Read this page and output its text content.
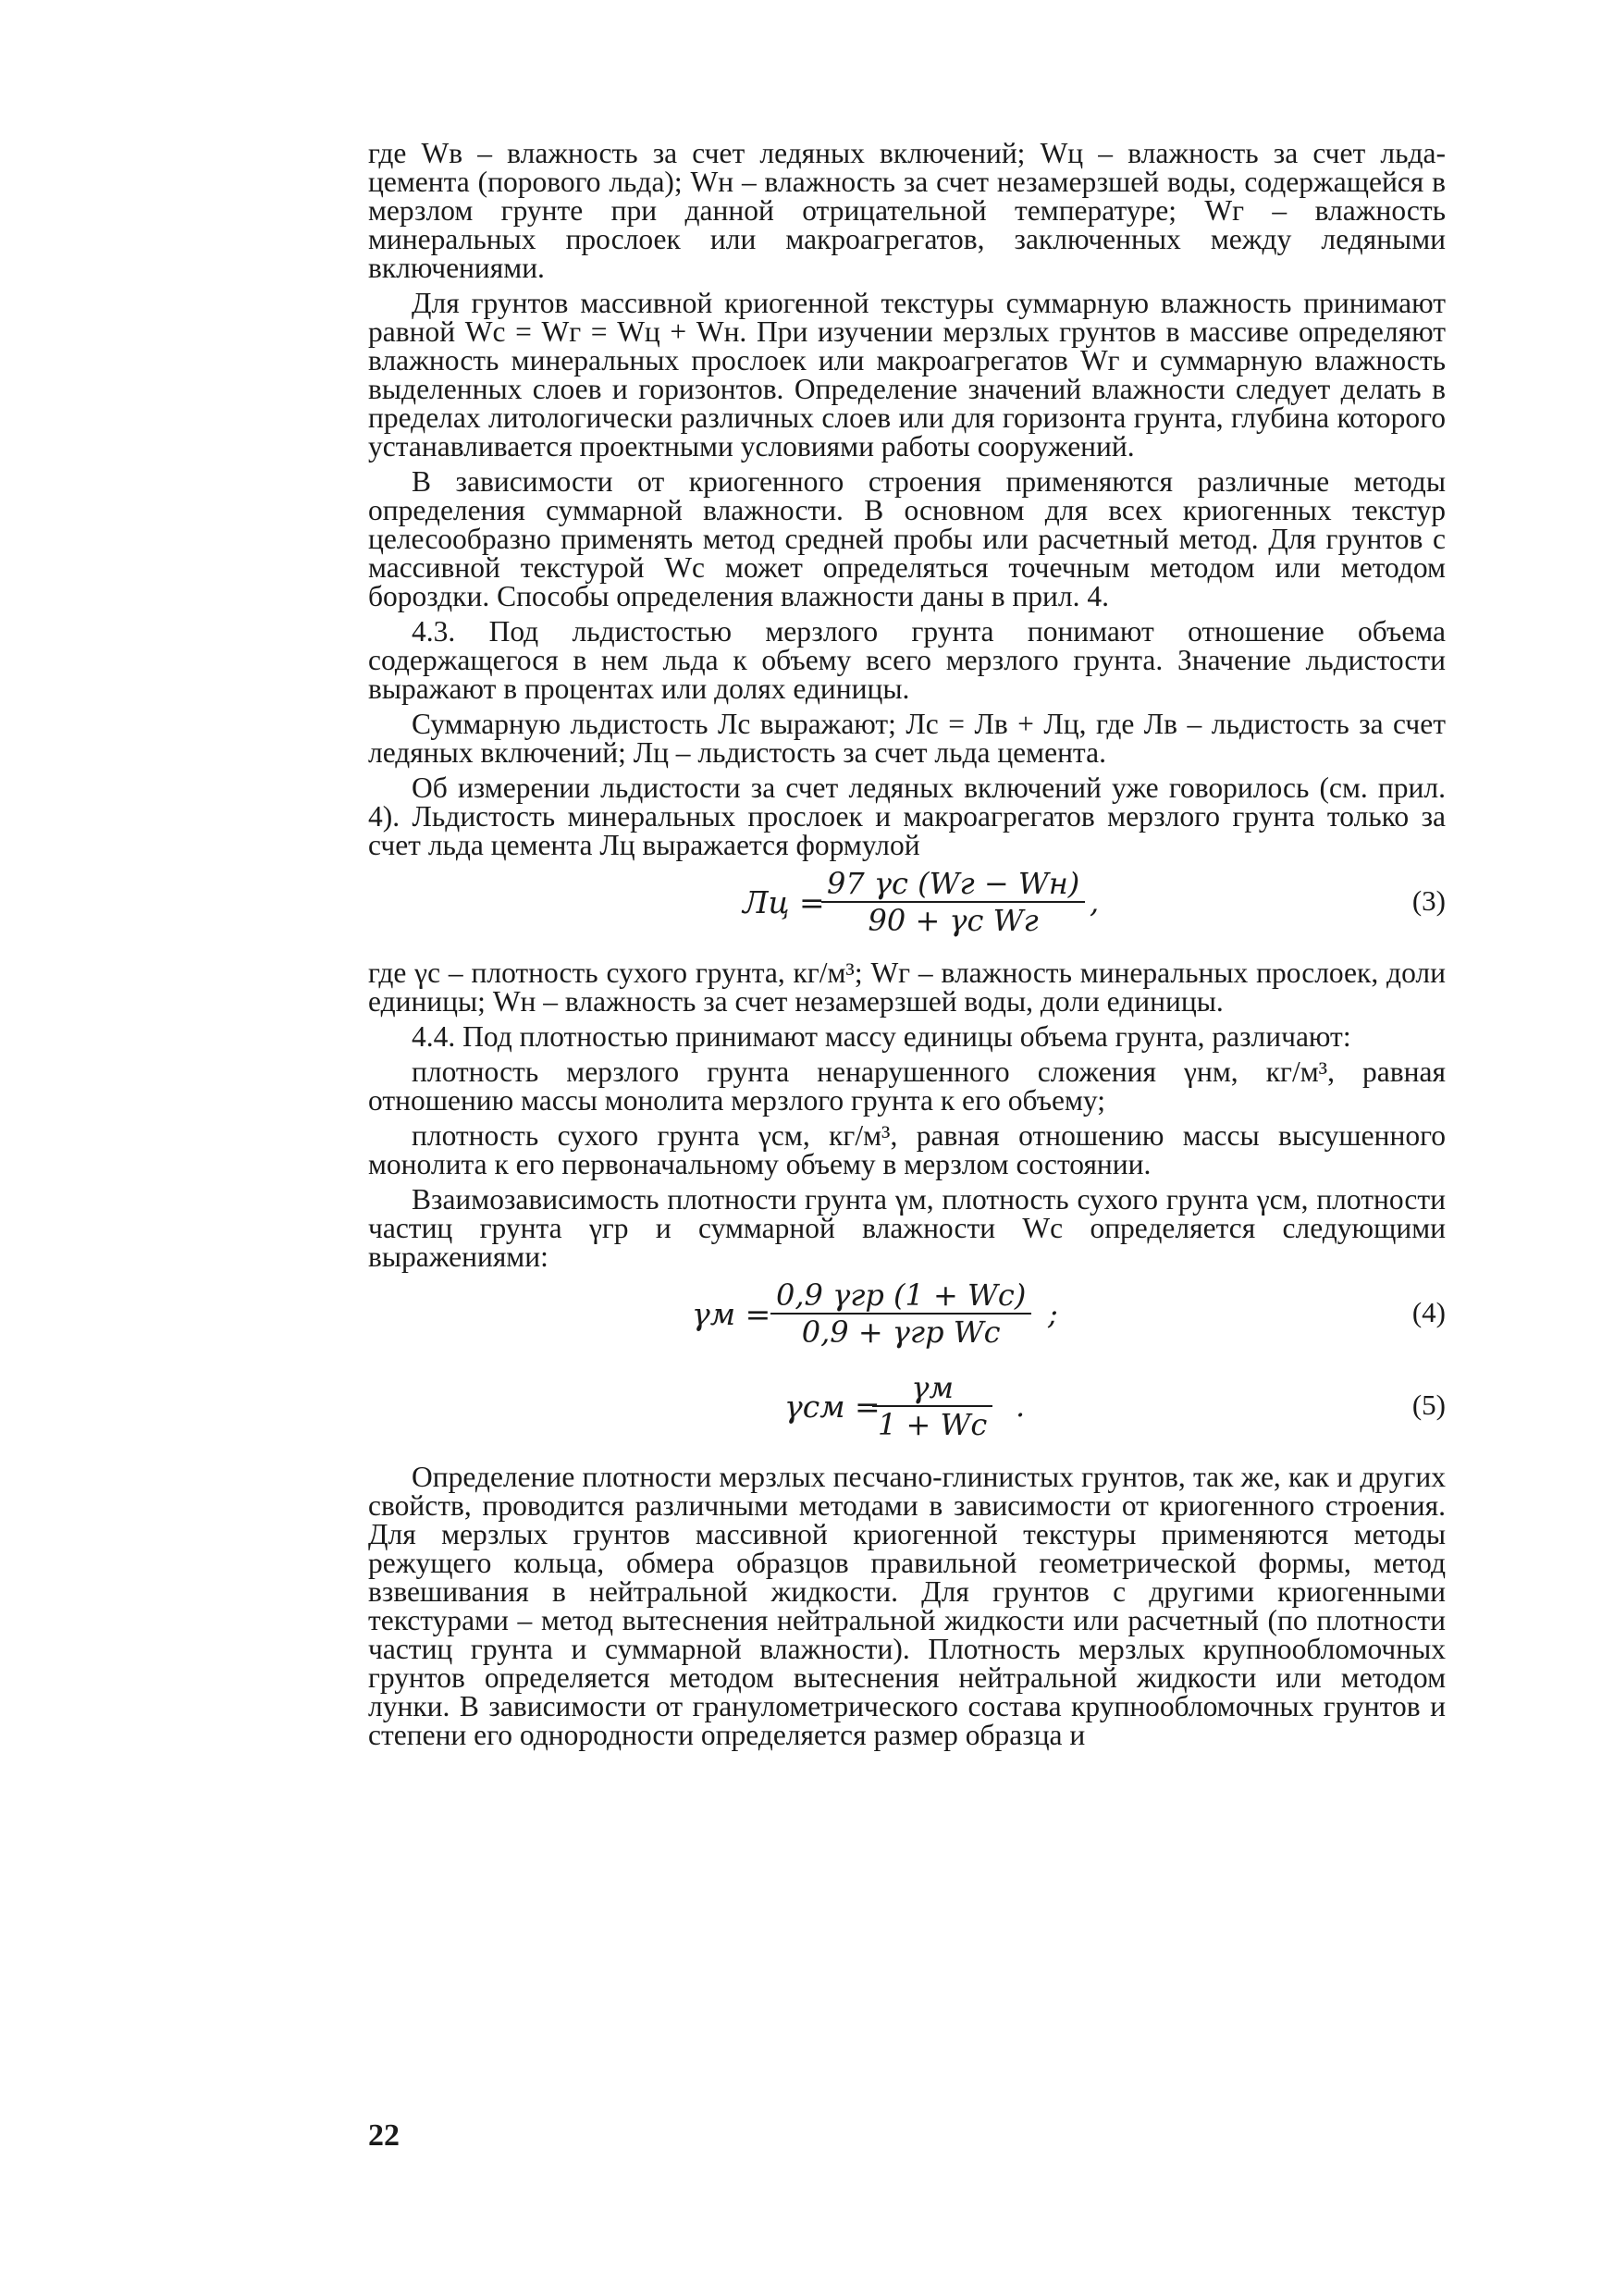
где Wв – влажность за счет ледяных включений; Wц – влажность за счет льда-цемента (порового льда); Wн – влажность за счет незамерзшей воды, содержащейся в мерзлом грунте при данной отрицательной температуре; Wг – влажность минеральных прослоек или макроагрегатов, заключенных между ледяными включениями.

Для грунтов массивной криогенной текстуры суммарную влажность принимают равной Wс = Wг = Wц + Wн. При изучении мерзлых грунтов в массиве определяют влажность минеральных прослоек или макроагрегатов Wг и суммарную влажность выделенных слоев и горизонтов. Определение значений влажности следует делать в пределах литологически различных слоев или для горизонта грунта, глубина которого устанавливается проектными условиями работы сооружений.

В зависимости от криогенного строения применяются различные методы определения суммарной влажности. В основном для всех криогенных текстур целесообразно применять метод средней пробы или расчетный метод. Для грунтов с массивной текстурой Wс может определяться точечным методом или методом бороздки. Способы определения влажности даны в прил. 4.

4.3. Под льдистостью мерзлого грунта понимают отношение объема содержащегося в нем льда к объему всего мерзлого грунта. Значение льдистости выражают в процентах или долях единицы.

Суммарную льдистость Лс выражают; Лс = Лв + Лц, где Лв – льдистость за счет ледяных включений; Лц – льдистость за счет льда цемента.

Об измерении льдистости за счет ледяных включений уже говорилось (см. прил. 4). Льдистость минеральных прослоек и макроагрегатов мерзлого грунта только за счет льда цемента Лц выражается формулой

Лц =
97 γс (Wг − Wн)
90 + γс Wг
,	(3)

где γс – плотность сухого грунта, кг/м³; Wг – влажность минеральных прослоек, доли единицы; Wн – влажность за счет незамерзшей воды, доли единицы.

4.4. Под плотностью принимают массу единицы объема грунта, различают:

плотность мерзлого грунта ненарушенного сложения γнм, кг/м³, равная отношению массы монолита мерзлого грунта к его объему;

плотность сухого грунта γсм, кг/м³, равная отношению массы высушенного монолита к его первоначальному объему в мерзлом состоянии.

Взаимозависимость плотности грунта γм, плотность сухого грунта γсм, плотности частиц грунта γгр и суммарной влажности Wс определяется следующими выражениями:

γм =
0,9 γгр (1 + Wс)
0,9 + γгр Wс
;	(4)
γсм =
γм
1 + Wс
.	(5)

Определение плотности мерзлых песчано-глинистых грунтов, так же, как и других свойств, проводится различными методами в зависимости от криогенного строения. Для мерзлых грунтов массивной криогенной текстуры применяются методы режущего кольца, обмера образцов правильной геометрической формы, метод взвешивания в нейтральной жидкости. Для грунтов с другими криогенными текстурами – метод вытеснения нейтральной жидкости или расчетный (по плотности частиц грунта и суммарной влажности). Плотность мерзлых крупнообломочных грунтов определяется методом вытеснения нейтральной жидкости или методом лунки. В зависимости от гранулометрического состава крупнообломочных грунтов и степени его однородности определяется размер образца и

22
